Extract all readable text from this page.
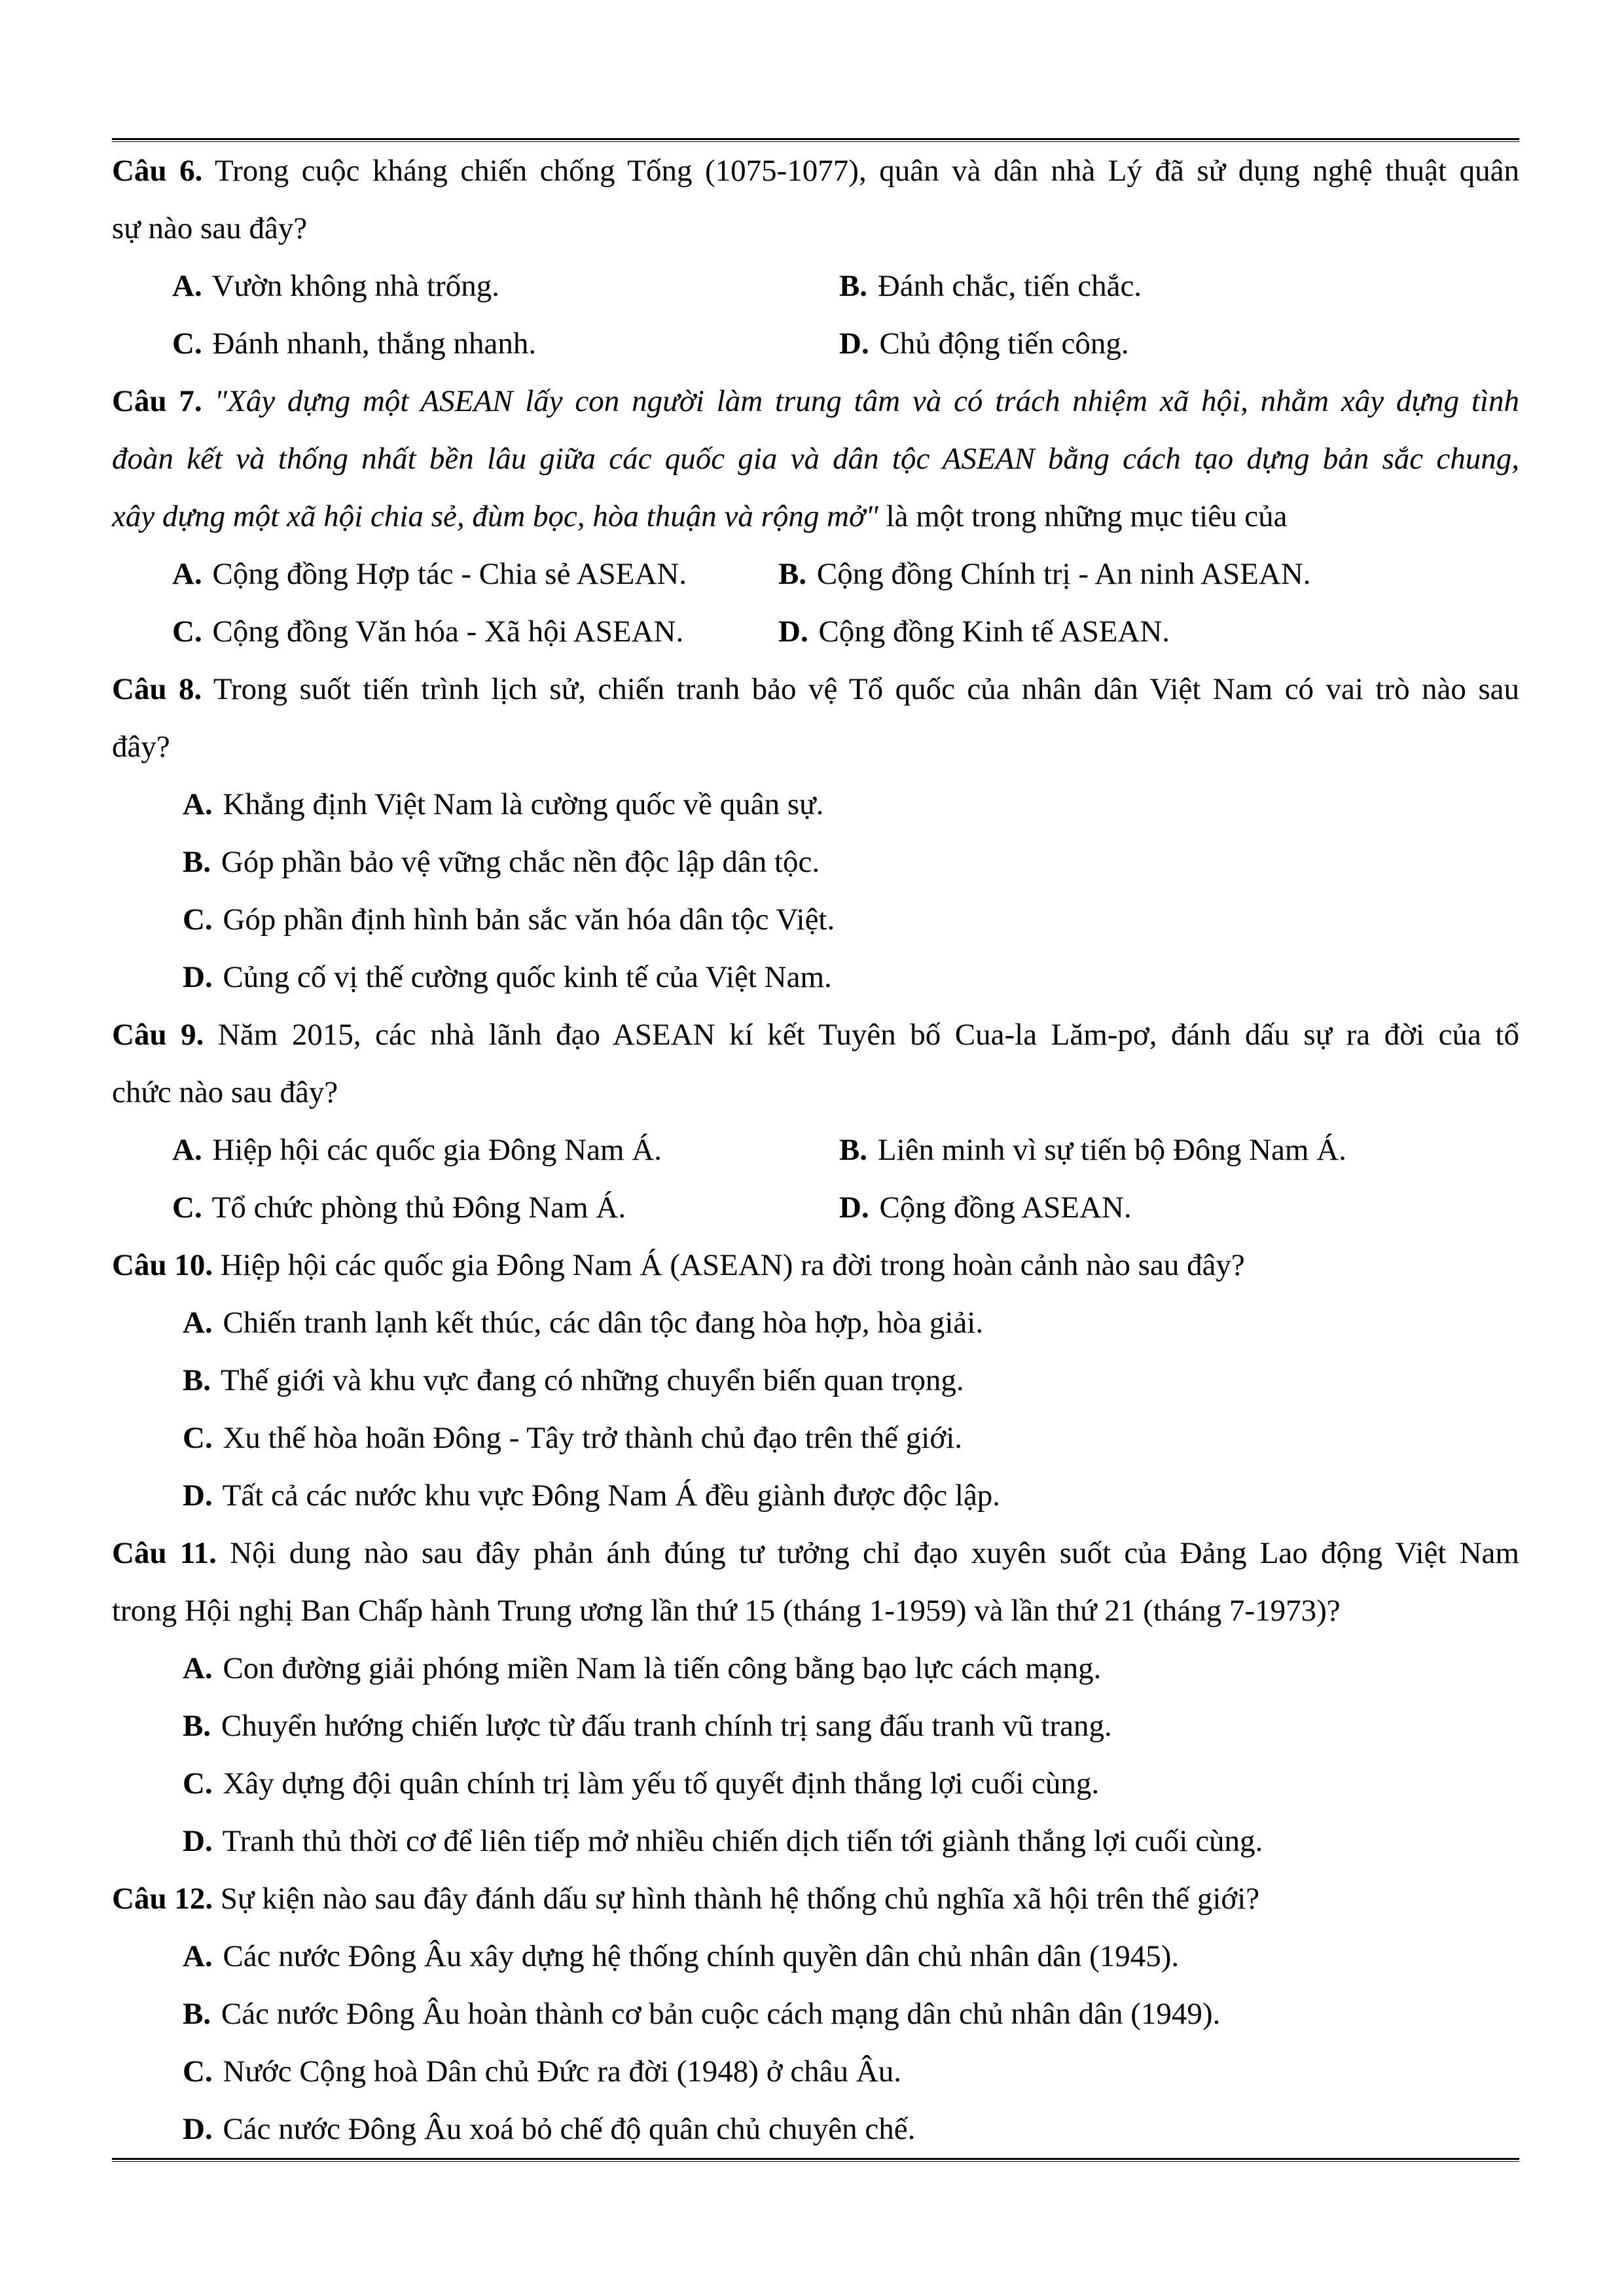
Câu 6. Trong cuộc kháng chiến chống Tống (1075-1077), quân và dân nhà Lý đã sử dụng nghệ thuật quân
sự nào sau đây?
A. Vườn không nhà trống.	B. Đánh chắc, tiến chắc.
C. Đánh nhanh, thắng nhanh.	D. Chủ động tiến công.
Câu 7. "Xây dựng một ASEAN lấy con người làm trung tâm và có trách nhiệm xã hội, nhằm xây dựng tình
đoàn kết và thống nhất bền lâu giữa các quốc gia và dân tộc ASEAN bằng cách tạo dựng bản sắc chung,
xây dựng một xã hội chia sẻ, đùm bọc, hòa thuận và rộng mở" là một trong những mục tiêu của
A. Cộng đồng Hợp tác - Chia sẻ ASEAN.	B. Cộng đồng Chính trị - An ninh ASEAN.
C. Cộng đồng Văn hóa - Xã hội ASEAN.	D. Cộng đồng Kinh tế ASEAN.
Câu 8. Trong suốt tiến trình lịch sử, chiến tranh bảo vệ Tổ quốc của nhân dân Việt Nam có vai trò nào sau
đây?
A. Khẳng định Việt Nam là cường quốc về quân sự.
B. Góp phần bảo vệ vững chắc nền độc lập dân tộc.
C. Góp phần định hình bản sắc văn hóa dân tộc Việt.
D. Củng cố vị thế cường quốc kinh tế của Việt Nam.
Câu 9. Năm 2015, các nhà lãnh đạo ASEAN kí kết Tuyên bố Cua-la Lăm-pơ, đánh dấu sự ra đời của tổ
chức nào sau đây?
A. Hiệp hội các quốc gia Đông Nam Á.	B. Liên minh vì sự tiến bộ Đông Nam Á.
C. Tổ chức phòng thủ Đông Nam Á.	D. Cộng đồng ASEAN.
Câu 10. Hiệp hội các quốc gia Đông Nam Á (ASEAN) ra đời trong hoàn cảnh nào sau đây?
A. Chiến tranh lạnh kết thúc, các dân tộc đang hòa hợp, hòa giải.
B. Thế giới và khu vực đang có những chuyển biến quan trọng.
C. Xu thế hòa hoãn Đông - Tây trở thành chủ đạo trên thế giới.
D. Tất cả các nước khu vực Đông Nam Á đều giành được độc lập.
Câu 11. Nội dung nào sau đây phản ánh đúng tư tưởng chỉ đạo xuyên suốt của Đảng Lao động Việt Nam
trong Hội nghị Ban Chấp hành Trung ương lần thứ 15 (tháng 1-1959) và lần thứ 21 (tháng 7-1973)?
A. Con đường giải phóng miền Nam là tiến công bằng bạo lực cách mạng.
B. Chuyển hướng chiến lược từ đấu tranh chính trị sang đấu tranh vũ trang.
C. Xây dựng đội quân chính trị làm yếu tố quyết định thắng lợi cuối cùng.
D. Tranh thủ thời cơ để liên tiếp mở nhiều chiến dịch tiến tới giành thắng lợi cuối cùng.
Câu 12. Sự kiện nào sau đây đánh dấu sự hình thành hệ thống chủ nghĩa xã hội trên thế giới?
A. Các nước Đông Âu xây dựng hệ thống chính quyền dân chủ nhân dân (1945).
B. Các nước Đông Âu hoàn thành cơ bản cuộc cách mạng dân chủ nhân dân (1949).
C. Nước Cộng hoà Dân chủ Đức ra đời (1948) ở châu Âu.
D. Các nước Đông Âu xoá bỏ chế độ quân chủ chuyên chế.
